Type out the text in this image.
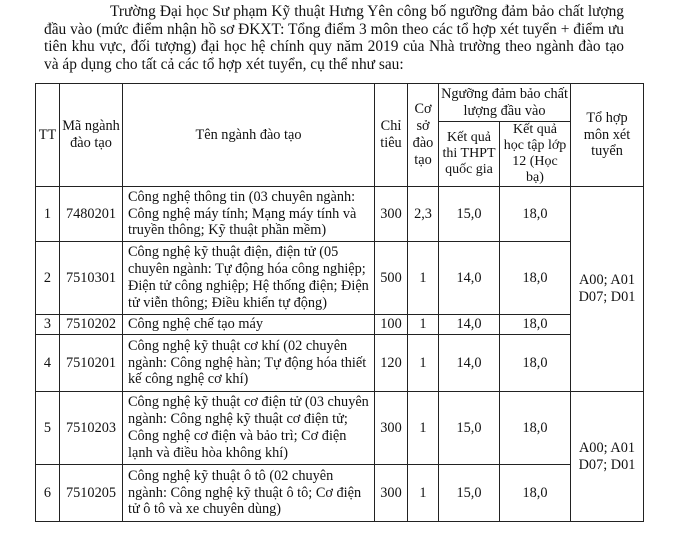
Trường Đại học Sư phạm Kỹ thuật Hưng Yên công bố ngưỡng đảm bảo chất lượng đầu vào (mức điểm nhận hồ sơ ĐKXT: Tổng điểm 3 môn theo các tổ hợp xét tuyển + điểm ưu tiên khu vực, đối tượng) đại học hệ chính quy năm 2019 của Nhà trường theo ngành đào tạo và áp dụng cho tất cả các tổ hợp xét tuyển, cụ thể như sau:

TT	Mã ngành đào tạo	Tên ngành đào tạo	Chỉ tiêu	Cơ sở đào tạo	Ngưỡng đảm bảo chất lượng đầu vào		Tổ hợp môn xét tuyển
					Kết quả thi THPT quốc gia	Kết quả học tập lớp 12 (Học bạ)	
1	7480201	Công nghệ thông tin (03 chuyên ngành: Công nghệ máy tính; Mạng máy tính và truyền thông; Kỹ thuật phần mềm)	300	2,3	15,0	18,0	A00; A01 D07; D01
2	7510301	Công nghệ kỹ thuật điện, điện tử (05 chuyên ngành: Tự động hóa công nghiệp; Điện tử công nghiệp; Hệ thống điện; Điện tử viễn thông; Điều khiển tự động)	500	1	14,0	18,0	
3	7510202	Công nghệ chế tạo máy	100	1	14,0	18,0	
4	7510201	Công nghệ kỹ thuật cơ khí (02 chuyên ngành: Công nghệ hàn; Tự động hóa thiết kế công nghệ cơ khí)	120	1	14,0	18,0	
5	7510203	Công nghệ kỹ thuật cơ điện tử (03 chuyên ngành: Công nghệ kỹ thuật cơ điện tử; Công nghệ cơ điện và bảo trì; Cơ điện lạnh và điều hòa không khí)	300	1	15,0	18,0	A00; A01 D07; D01
6	7510205	Công nghệ kỹ thuật ô tô (02 chuyên ngành: Công nghệ kỹ thuật ô tô; Cơ điện tử ô tô và xe chuyên dùng)	300	1	15,0	18,0	
